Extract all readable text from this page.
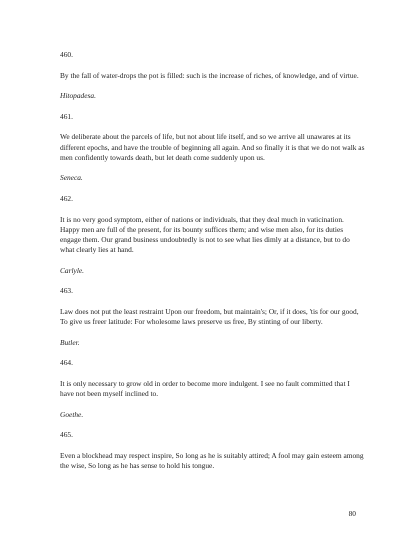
460.

By the fall of water-drops the pot is filled: such is the increase of riches, of knowledge, and of virtue.

Hitopadesa.

461.

We deliberate about the parcels of life, but not about life itself, and so we arrive all unawares at its different epochs, and have the trouble of beginning all again. And so finally it is that we do not walk as men confidently towards death, but let death come suddenly upon us.

Seneca.

462.

It is no very good symptom, either of nations or individuals, that they deal much in vaticination. Happy men are full of the present, for its bounty suffices them; and wise men also, for its duties engage them. Our grand business undoubtedly is not to see what lies dimly at a distance, but to do what clearly lies at hand.

Carlyle.

463.

Law does not put the least restraint Upon our freedom, but maintain's; Or, if it does, 'tis for our good, To give us freer latitude: For wholesome laws preserve us free, By stinting of our liberty.

Butler.

464.

It is only necessary to grow old in order to become more indulgent. I see no fault committed that I have not been myself inclined to.

Goethe.

465.

Even a blockhead may respect inspire, So long as he is suitably attired; A fool may gain esteem among the wise, So long as he has sense to hold his tongue.

80
